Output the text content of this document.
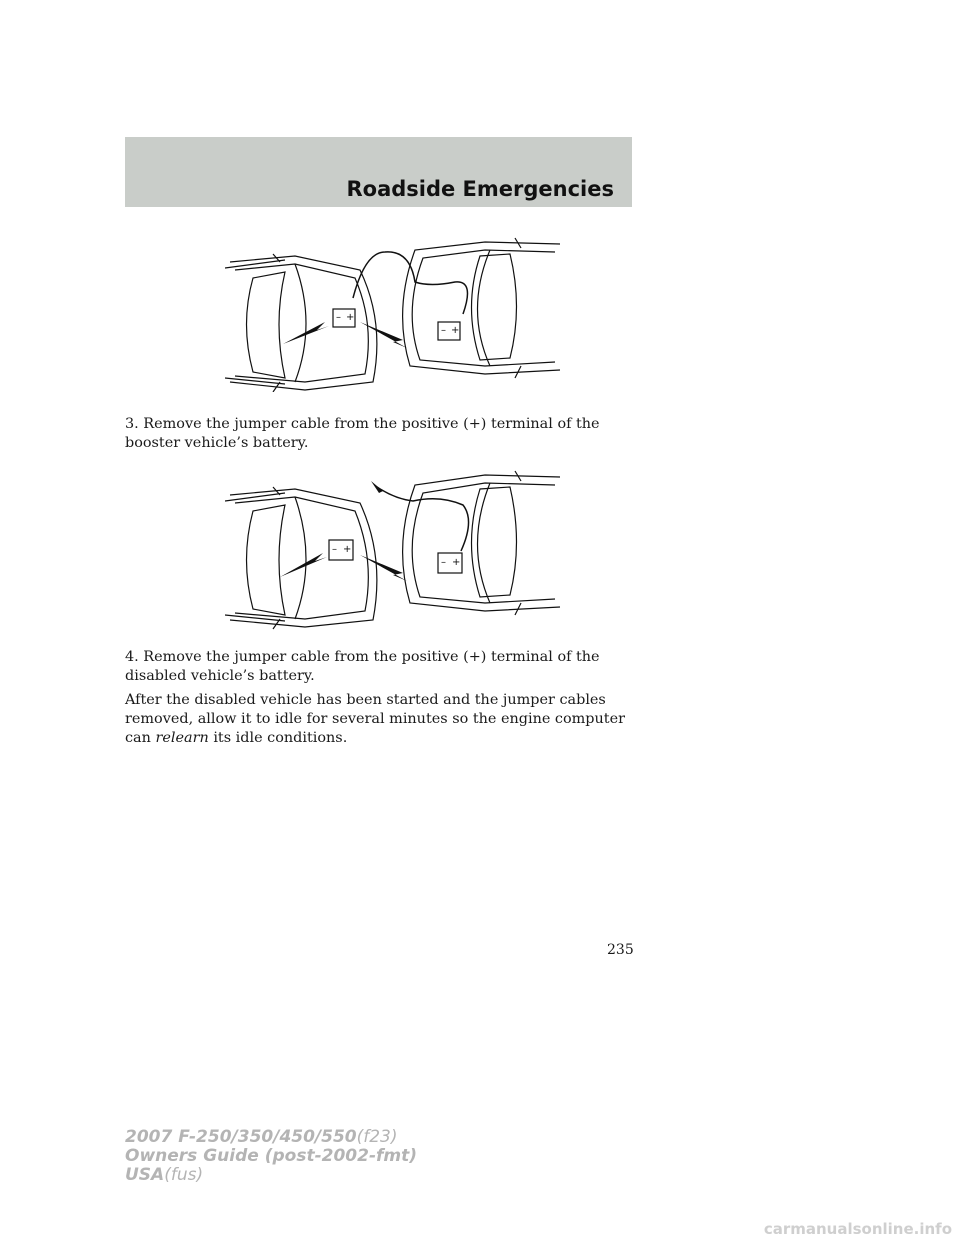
Roadside Emergencies
– +
– +

3. Remove the jumper cable from the positive (+) terminal of the booster vehicle’s battery.

– +
– +

4. Remove the jumper cable from the positive (+) terminal of the disabled vehicle’s battery.

After the disabled vehicle has been started and the jumper cables removed, allow it to idle for several minutes so the engine computer can relearn its idle conditions.

235
2007 F-250/350/450/550(f23)
Owners Guide (post-2002-fmt)
USA(fus)
carmanualsonline.info
